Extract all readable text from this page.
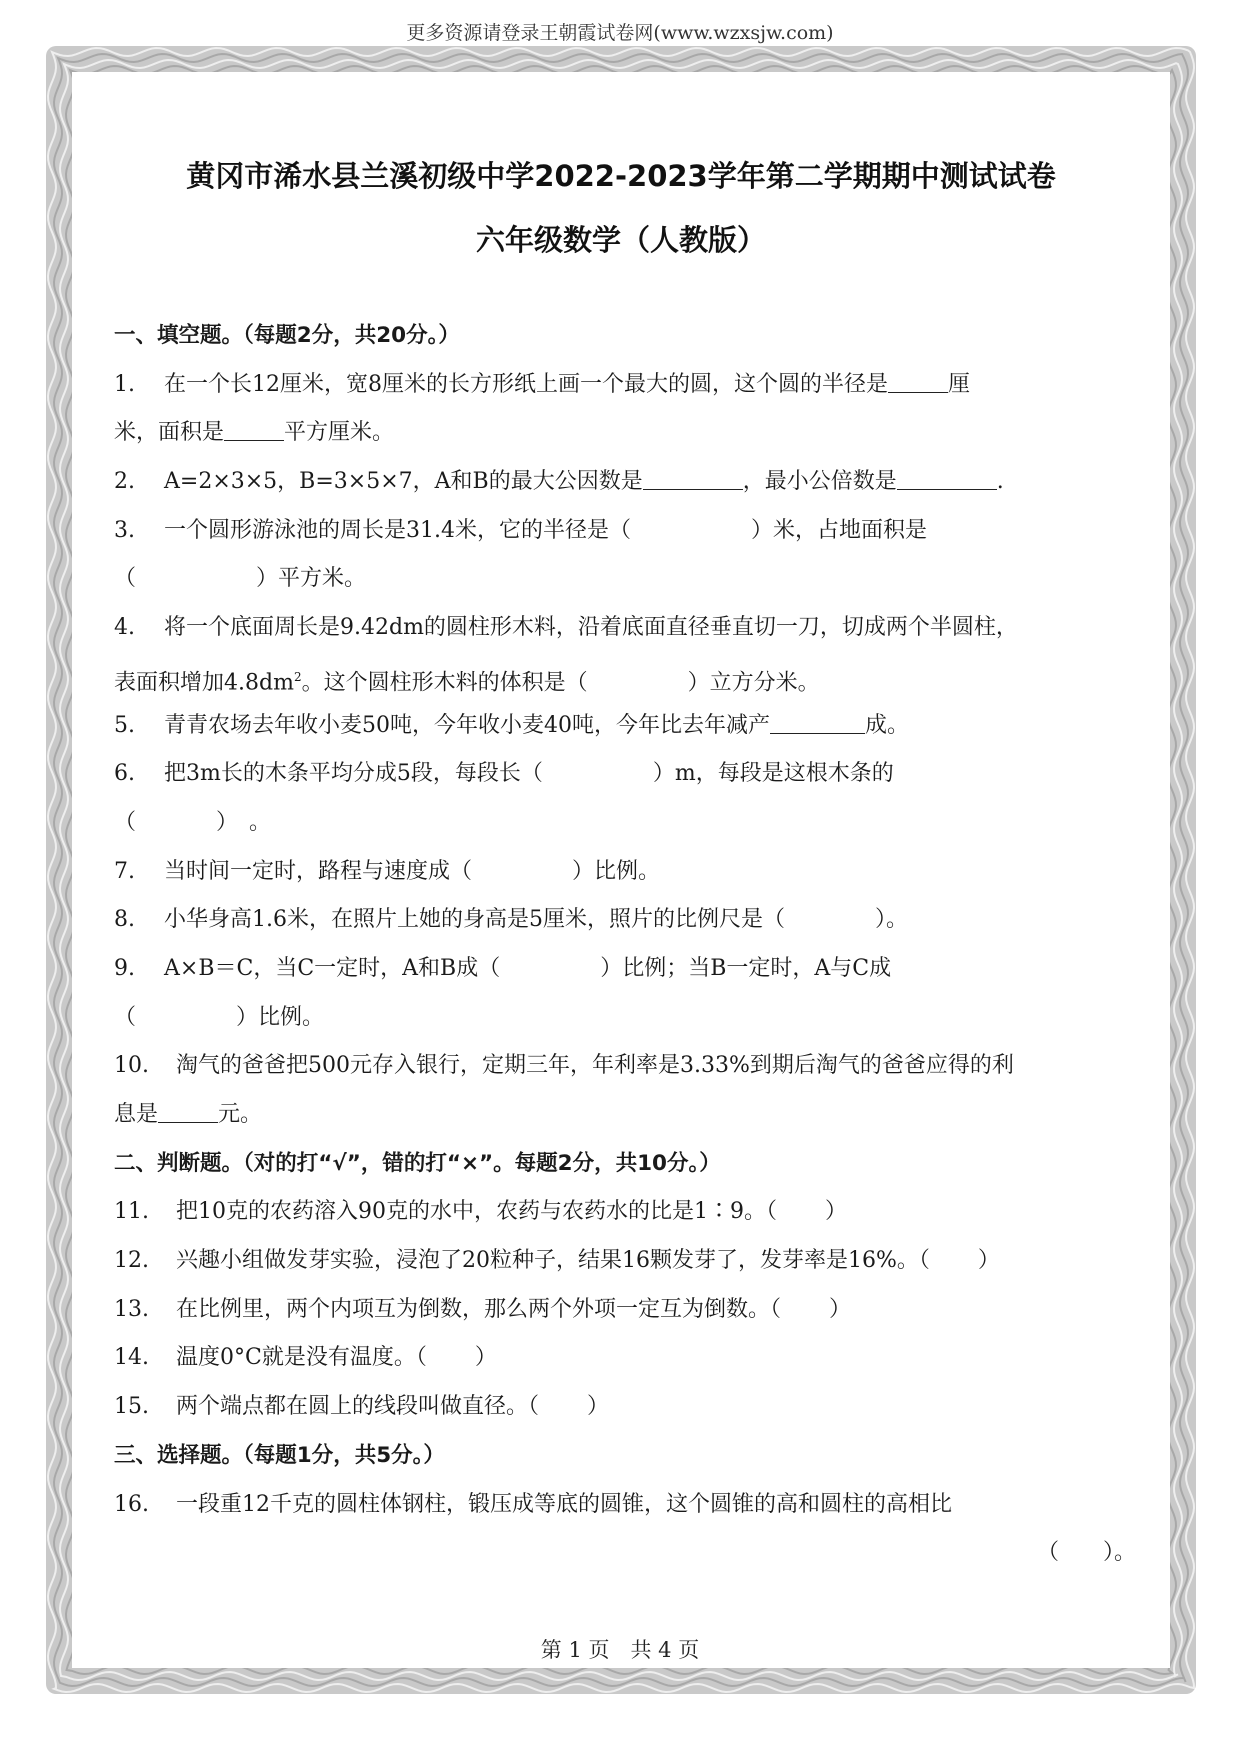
更多资源请登录王朝霞试卷网(www.wzxsjw.com)
黄冈市浠水县兰溪初级中学2022-2023学年第二学期期中测试试卷
六年级数学（人教版）
一、填空题。（每题2分，共20分。）
1. 在一个长12厘米，宽8厘米的长方形纸上画一个最大的圆，这个圆的半径是	厘
米，面积是	平方厘米。
2. A=2×3×5，B=3×5×7，A和B的最大公因数是	，最小公倍数是	.
3. 一个圆形游泳池的周长是31.4米，它的半径是（	）米，占地面积是
（	）平方米。
4. 将一个底面周长是9.42dm的圆柱形木料，沿着底面直径垂直切一刀，切成两个半圆柱，
表面积增加$4.8dm^2$。这个圆柱形木料的体积是（	）立方分米。
5. 青青农场去年收小麦50吨，今年收小麦40吨，今年比去年减产	成。
6. 把3m长的木条平均分成5段，每段长（	）m，每段是这根木条的
（	）　。
7. 当时间一定时，路程与速度成（	）比例。
8. 小华身高1.6米，在照片上她的身高是5厘米，照片的比例尺是（	）。
9. A×B＝C，当C一定时，A和B成（	）比例；当B一定时，A与C成
（	）比例。
10. 淘气的爸爸把500元存入银行，定期三年，年利率是3.33%到期后淘气的爸爸应得的利
息是	元。
二、判断题。（对的打“√”，错的打“×”。每题2分，共10分。）
11. 把10克的农药溶入90克的水中，农药与农药水的比是1∶9。（ ）
12. 兴趣小组做发芽实验，浸泡了20粒种子，结果16颗发芽了，发芽率是16%。（ ）
13. 在比例里，两个内项互为倒数，那么两个外项一定互为倒数。（ ）
14. 温度0°C就是没有温度。（ ）
15. 两个端点都在圆上的线段叫做直径。（ ）
三、选择题。（每题1分，共5分。）
16. 一段重12千克的圆柱体钢柱，锻压成等底的圆锥，这个圆锥的高和圆柱的高相比
（ ）。
第 1 页　共 4 页
